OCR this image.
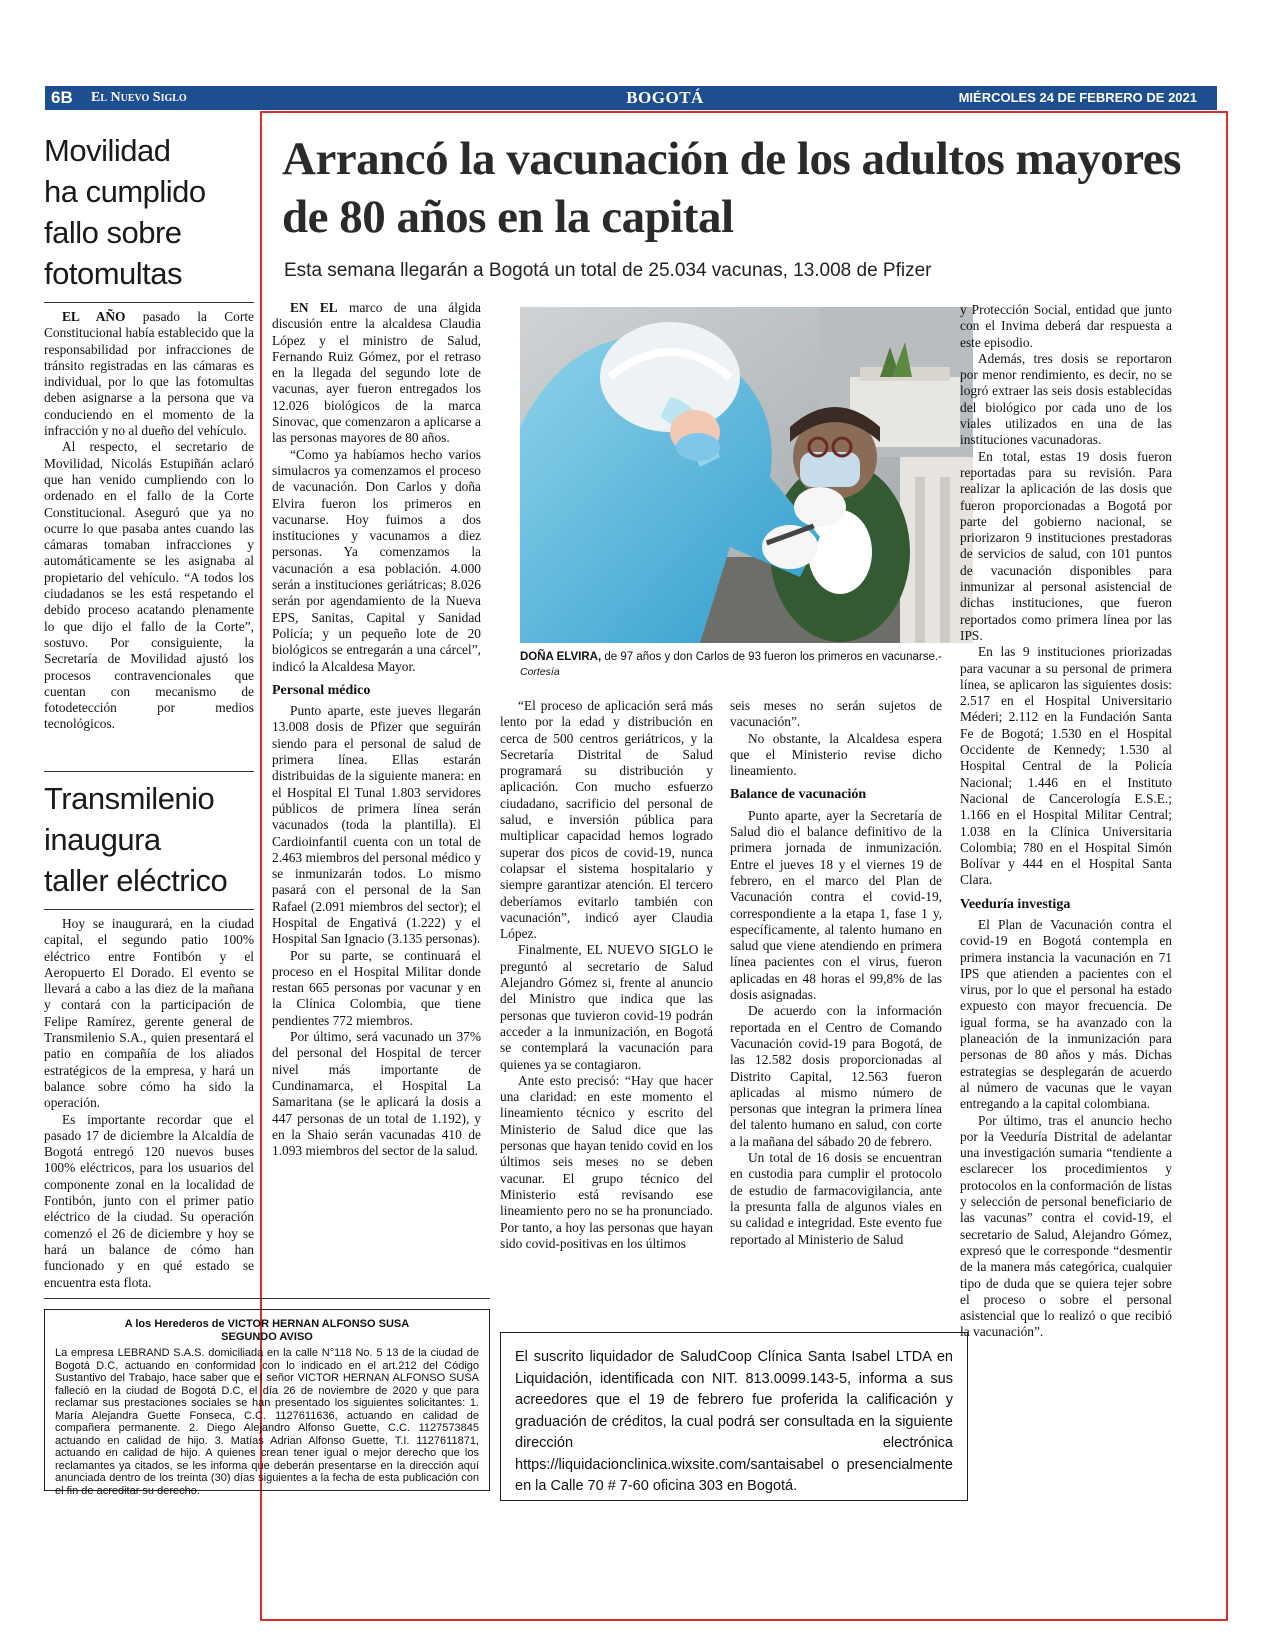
6B El Nuevo Siglo	BOGOTÁ	MIÉRCOLES 24 DE FEBRERO DE 2021
Movilidad
ha cumplido
fallo sobre
fotomultas

EL AÑO pasado la Corte Constitucional había establecido que la responsabilidad por infracciones de tránsito registradas en las cámaras es individual, por lo que las fotomultas deben asignarse a la persona que va conduciendo en el momento de la infracción y no al dueño del vehículo.

Al respecto, el secretario de Movilidad, Nicolás Estupiñán aclaró que han venido cumpliendo con lo ordenado en el fallo de la Corte Constitucional. Aseguró que ya no ocurre lo que pasaba antes cuando las cámaras tomaban infracciones y automáticamente se les asignaba al propietario del vehículo. “A todos los ciudadanos se les está respetando el debido proceso acatando plenamente lo que dijo el fallo de la Corte”, sostuvo. Por consiguiente, la Secretaría de Movilidad ajustó los procesos contravencionales que cuentan con mecanismo de fotodetección por medios tecnológicos.

Transmilenio
inaugura
taller eléctrico

Hoy se inaugurará, en la ciudad capital, el segundo patio 100% eléctrico entre Fontibón y el Aeropuerto El Dorado. El evento se llevará a cabo a las diez de la mañana y contará con la participación de Felipe Ramírez, gerente general de Transmilenio S.A., quien presentará el patio en compañía de los aliados estratégicos de la empresa, y hará un balance sobre cómo ha sido la operación.

Es importante recordar que el pasado 17 de diciembre la Alcaldía de Bogotá entregó 120 nuevos buses 100% eléctricos, para los usuarios del componente zonal en la localidad de Fontibón, junto con el primer patio eléctrico de la ciudad. Su operación comenzó el 26 de diciembre y hoy se hará un balance de cómo han funcionado y en qué estado se encuentra esta flota.

A los Herederos de VICTOR HERNAN ALFONSO SUSA
SEGUNDO AVISO
La empresa LEBRAND S.A.S. domiciliada en la calle N°118 No. 5 13 de la ciudad de Bogotá D.C, actuando en conformidad con lo indicado en el art.212 del Código Sustantivo del Trabajo, hace saber que el señor VICTOR HERNAN ALFONSO SUSA falleció en la ciudad de Bogotá D.C, el día 26 de noviembre de 2020 y que para reclamar sus prestaciones sociales se han presentado los siguientes solicitantes: 1. María Alejandra Guette Fonseca, C.C. 1127611636, actuando en calidad de compañera permanente. 2. Diego Alejandro Alfonso Guette, C.C. 1127573845 actuando en calidad de hijo. 3. Matías Adrian Alfonso Guette, T.I. 1127611871, actuando en calidad de hijo. A quienes crean tener igual o mejor derecho que los reclamantes ya citados, se les informa que deberán presentarse en la dirección aquí anunciada dentro de los treinta (30) días siguientes a la fecha de esta publicación con el fin de acreditar su derecho.
Arrancó la vacunación de los adultos mayores de 80 años en la capital
Esta semana llegarán a Bogotá un total de 25.034 vacunas, 13.008 de Pfizer

EN EL marco de una álgida discusión entre la alcaldesa Claudia López y el ministro de Salud, Fernando Ruiz Gómez, por el retraso en la llegada del segundo lote de vacunas, ayer fueron entregados los 12.026 biológicos de la marca Sinovac, que comenzaron a aplicarse a las personas mayores de 80 años.

“Como ya habíamos hecho varios simulacros ya comenzamos el proceso de vacunación. Don Carlos y doña Elvira fueron los primeros en vacunarse. Hoy fuimos a dos instituciones y vacunamos a diez personas. Ya comenzamos la vacunación a esa población. 4.000 serán a instituciones geriátricas; 8.026 serán por agendamiento de la Nueva EPS, Sanitas, Capital y Sanidad Policía; y un pequeño lote de 20 biológicos se entregarán a una cárcel”, indicó la Alcaldesa Mayor.

Personal médico

Punto aparte, este jueves llegarán 13.008 dosis de Pfizer que seguirán siendo para el personal de salud de primera línea. Ellas estarán distribuidas de la siguiente manera: en el Hospital El Tunal 1.803 servidores públicos de primera línea serán vacunados (toda la plantilla). El Cardioinfantil cuenta con un total de 2.463 miembros del personal médico y se inmunizarán todos. Lo mismo pasará con el personal de la San Rafael (2.091 miembros del sector); el Hospital de Engativá (1.222) y el Hospital San Ignacio (3.135 personas).

Por su parte, se continuará el proceso en el Hospital Militar donde restan 665 personas por vacunar y en la Clínica Colombia, que tiene pendientes 772 miembros.

Por último, será vacunado un 37% del personal del Hospital de tercer nivel más importante de Cundinamarca, el Hospital La Samaritana (se le aplicará la dosis a 447 personas de un total de 1.192), y en la Shaio serán vacunadas 410 de 1.093 miembros del sector de la salud.

DOÑA ELVIRA, de 97 años y don Carlos de 93 fueron los primeros en vacunarse.-Cortesía

“El proceso de aplicación será más lento por la edad y distribución en cerca de 500 centros geriátricos, y la Secretaría Distrital de Salud programará su distribución y aplicación. Con mucho esfuerzo ciudadano, sacrificio del personal de salud, e inversión pública para multiplicar capacidad hemos logrado superar dos picos de covid-19, nunca colapsar el sistema hospitalario y siempre garantizar atención. El tercero deberíamos evitarlo también con vacunación”, indicó ayer Claudia López.

Finalmente, EL NUEVO SIGLO le preguntó al secretario de Salud Alejandro Gómez si, frente al anuncio del Ministro que indica que las personas que tuvieron covid-19 podrán acceder a la inmunización, en Bogotá se contemplará la vacunación para quienes ya se contagiaron.

Ante esto precisó: “Hay que hacer una claridad: en este momento el lineamiento técnico y escrito del Ministerio de Salud dice que las personas que hayan tenido covid en los últimos seis meses no se deben vacunar. El grupo técnico del Ministerio está revisando ese lineamiento pero no se ha pronunciado. Por tanto, a hoy las personas que hayan sido covid-positivas en los últimos

seis meses no serán sujetos de vacunación”.

No obstante, la Alcaldesa espera que el Ministerio revise dicho lineamiento.

Balance de vacunación

Punto aparte, ayer la Secretaría de Salud dio el balance definitivo de la primera jornada de inmunización. Entre el jueves 18 y el viernes 19 de febrero, en el marco del Plan de Vacunación contra el covid-19, correspondiente a la etapa 1, fase 1 y, específicamente, al talento humano en salud que viene atendiendo en primera línea pacientes con el virus, fueron aplicadas en 48 horas el 99,8% de las dosis asignadas.

De acuerdo con la información reportada en el Centro de Comando Vacunación covid-19 para Bogotá, de las 12.582 dosis proporcionadas al Distrito Capital, 12.563 fueron aplicadas al mismo número de personas que integran la primera línea del talento humano en salud, con corte a la mañana del sábado 20 de febrero.

Un total de 16 dosis se encuentran en custodia para cumplir el protocolo de estudio de farmacovigilancia, ante la presunta falla de algunos viales en su calidad e integridad. Este evento fue reportado al Ministerio de Salud

y Protección Social, entidad que junto con el Invima deberá dar respuesta a este episodio.

Además, tres dosis se reportaron por menor rendimiento, es decir, no se logró extraer las seis dosis establecidas del biológico por cada uno de los viales utilizados en una de las instituciones vacunadoras.

En total, estas 19 dosis fueron reportadas para su revisión. Para realizar la aplicación de las dosis que fueron proporcionadas a Bogotá por parte del gobierno nacional, se priorizaron 9 instituciones prestadoras de servicios de salud, con 101 puntos de vacunación disponibles para inmunizar al personal asistencial de dichas instituciones, que fueron reportados como primera línea por las IPS.

En las 9 instituciones priorizadas para vacunar a su personal de primera línea, se aplicaron las siguientes dosis: 2.517 en el Hospital Universitario Méderi; 2.112 en la Fundación Santa Fe de Bogotá; 1.530 en el Hospital Occidente de Kennedy; 1.530 al Hospital Central de la Policía Nacional; 1.446 en el Instituto Nacional de Cancerología E.S.E.; 1.166 en el Hospital Militar Central; 1.038 en la Clínica Universitaria Colombia; 780 en el Hospital Simón Bolívar y 444 en el Hospital Santa Clara.

Veeduría investiga

El Plan de Vacunación contra el covid-19 en Bogotá contempla en primera instancia la vacunación en 71 IPS que atienden a pacientes con el virus, por lo que el personal ha estado expuesto con mayor frecuencia. De igual forma, se ha avanzado con la planeación de la inmunización para personas de 80 años y más. Dichas estrategias se desplegarán de acuerdo al número de vacunas que le vayan entregando a la capital colombiana.

Por último, tras el anuncio hecho por la Veeduría Distrital de adelantar una investigación sumaria “tendiente a esclarecer los procedimientos y protocolos en la conformación de listas y selección de personal beneficiario de las vacunas” contra el covid-19, el secretario de Salud, Alejandro Gómez, expresó que le corresponde “desmentir de la manera más categórica, cualquier tipo de duda que se quiera tejer sobre el proceso o sobre el personal asistencial que lo realizó o que recibió la vacunación”.

El suscrito liquidador de SaludCoop Clínica Santa Isabel LTDA en Liquidación, identificada con NIT. 813.0099.143-5, informa a sus acreedores que el 19 de febrero fue proferida la calificación y graduación de créditos, la cual podrá ser consultada en la siguiente dirección electrónica https://liquidacionclinica.wixsite.com/santaisabel o presencialmente en la Calle 70 # 7-60 oficina 303 en Bogotá.
